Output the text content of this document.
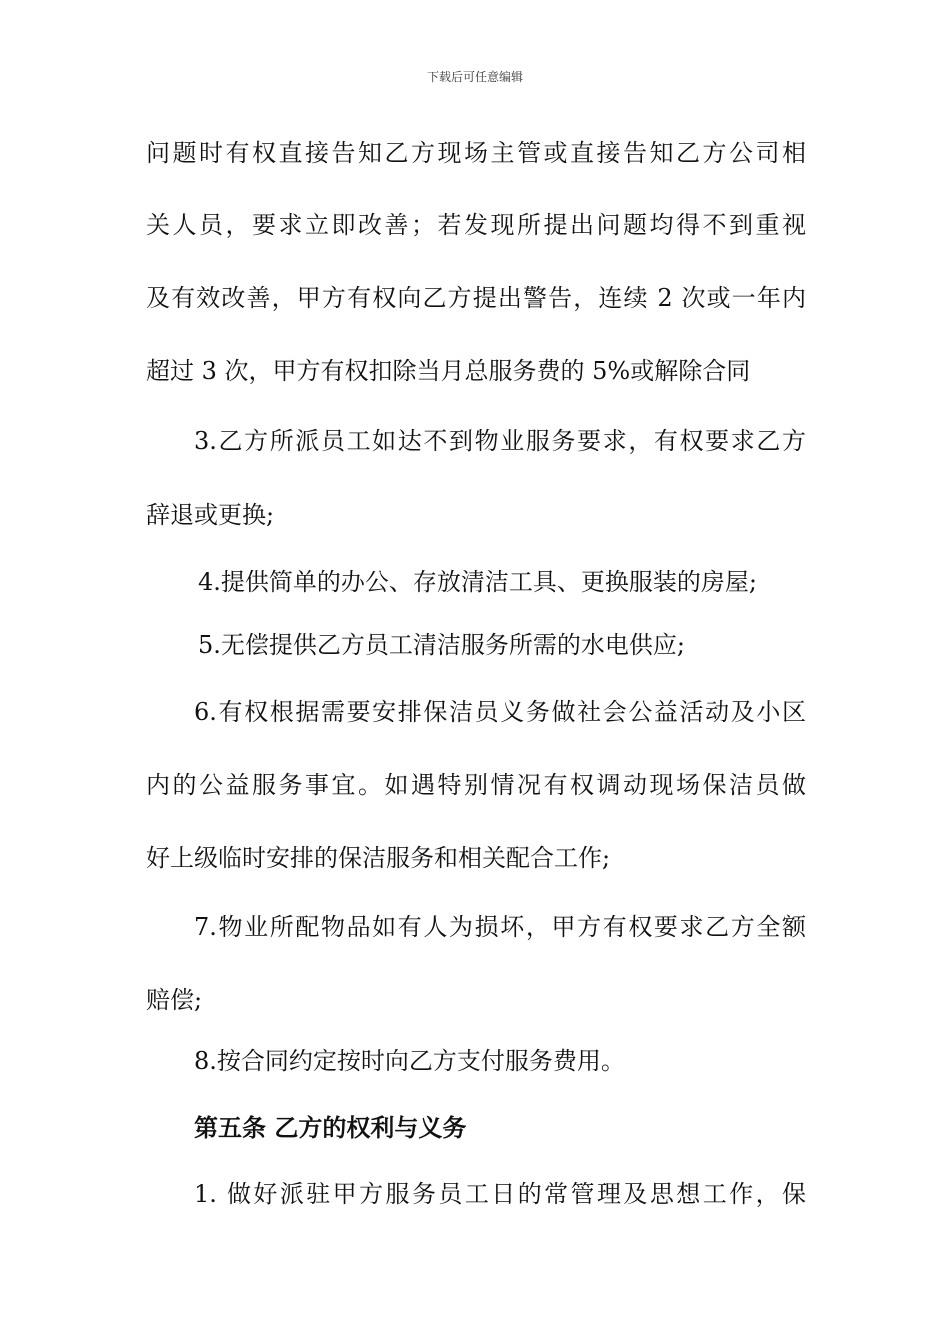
下载后可任意编辑
问题时有权直接告知乙方现场主管或直接告知乙方公司相
关人员，要求立即改善；若发现所提出问题均得不到重视
及有效改善，甲方有权向乙方提出警告，连续 2 次或一年内
超过 3 次，甲方有权扣除当月总服务费的 5%或解除合同
3.乙方所派员工如达不到物业服务要求，有权要求乙方
辞退或更换;
4.提供简单的办公、存放清洁工具、更换服装的房屋;
5.无偿提供乙方员工清洁服务所需的水电供应;
6.有权根据需要安排保洁员义务做社会公益活动及小区
内的公益服务事宜。如遇特别情况有权调动现场保洁员做
好上级临时安排的保洁服务和相关配合工作;
7.物业所配物品如有人为损坏，甲方有权要求乙方全额
赔偿;
8.按合同约定按时向乙方支付服务费用。
第五条 乙方的权利与义务
1. 做好派驻甲方服务员工日的常管理及思想工作，保
